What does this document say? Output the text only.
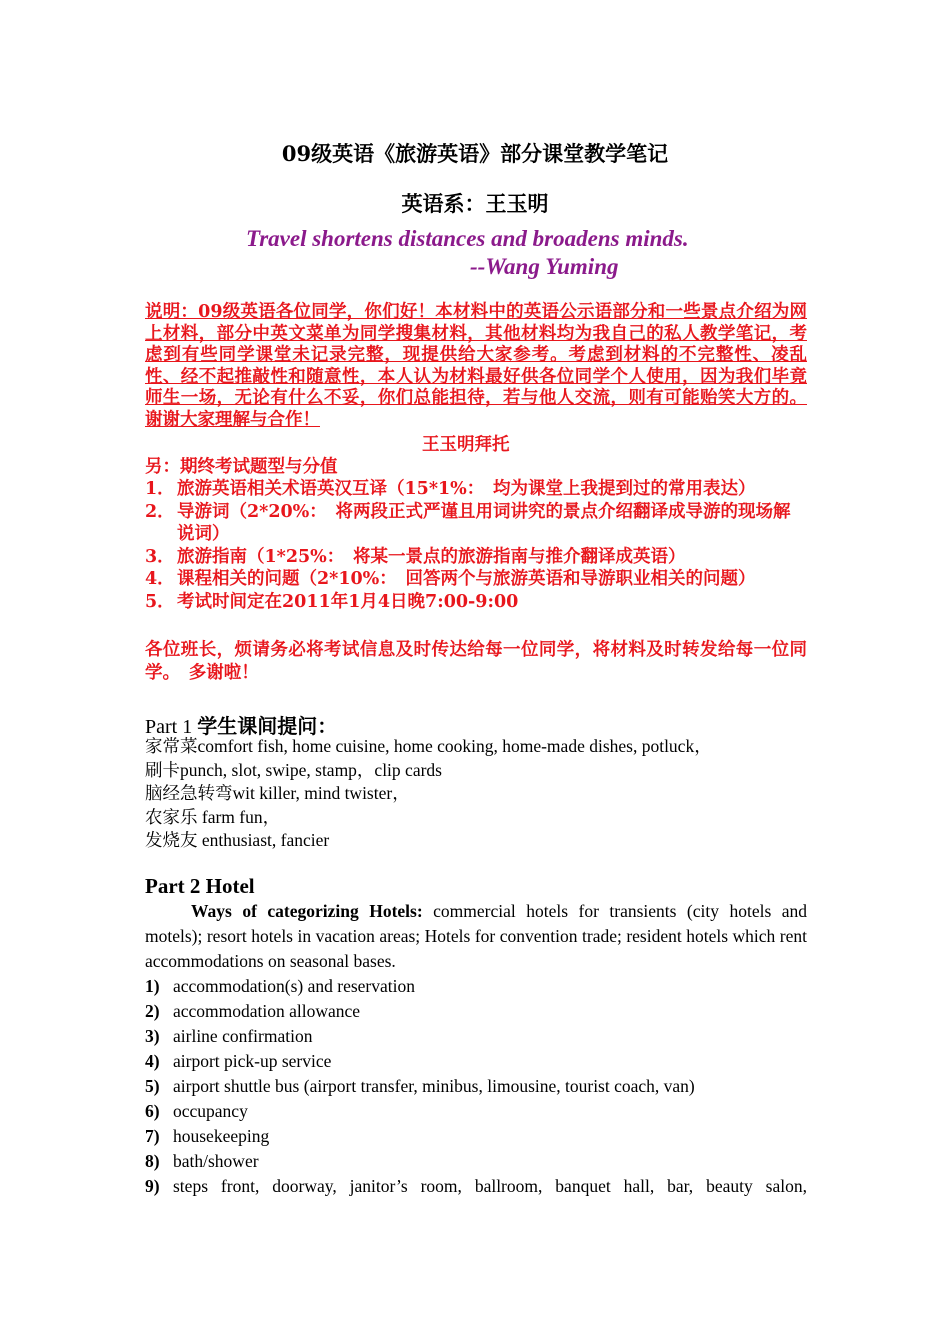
09级英语《旅游英语》部分课堂教学笔记
英语系：王玉明
Travel shortens distances and broadens minds.
--Wang Yuming
说明：09级英语各位同学，你们好！本材料中的英语公示语部分和一些景点介绍为网上材料，部分中英文菜单为同学搜集材料，其他材料均为我自己的私人教学笔记，考虑到有些同学课堂未记录完整，现提供给大家参考。考虑到材料的不完整性、凌乱性、经不起推敲性和随意性，本人认为材料最好供各位同学个人使用，因为我们毕竟师生一场，无论有什么不妥，你们总能担待，若与他人交流，则有可能贻笑大方的。谢谢大家理解与合作！
王玉明拜托
另：期终考试题型与分值
1． 旅游英语相关术语英汉互译（15*1%：　均为课堂上我提到过的常用表达）
2． 导游词（2*20%：　将两段正式严谨且用词讲究的景点介绍翻译成导游的现场解说词）
3． 旅游指南（1*25%：　将某一景点的旅游指南与推介翻译成英语）
4． 课程相关的问题（2*10%：　回答两个与旅游英语和导游职业相关的问题）
5． 考试时间定在2011年1月4日晚7:00-9:00
各位班长，烦请务必将考试信息及时传达给每一位同学，将材料及时转发给每一位同学。　多谢啦！
Part 1 学生课间提问：
家常菜comfort fish, home cuisine, home cooking, home-made dishes, potluck，
刷卡punch, slot, swipe, stamp，clip cards
脑经急转弯wit killer, mind twister，
农家乐 farm fun，
发烧友 enthusiast, fancier
Part 2 Hotel
Ways of categorizing Hotels: commercial hotels for transients (city hotels and motels); resort hotels in vacation areas; Hotels for convention trade; resident hotels which rent accommodations on seasonal bases.
1) accommodation(s) and reservation
2) accommodation allowance
3) airline confirmation
4) airport pick-up service
5) airport shuttle bus (airport transfer, minibus, limousine, tourist coach, van)
6) occupancy
7) housekeeping
8) bath/shower
9) steps front, doorway, janitor’s room, ballroom, banquet hall, bar, beauty salon,
